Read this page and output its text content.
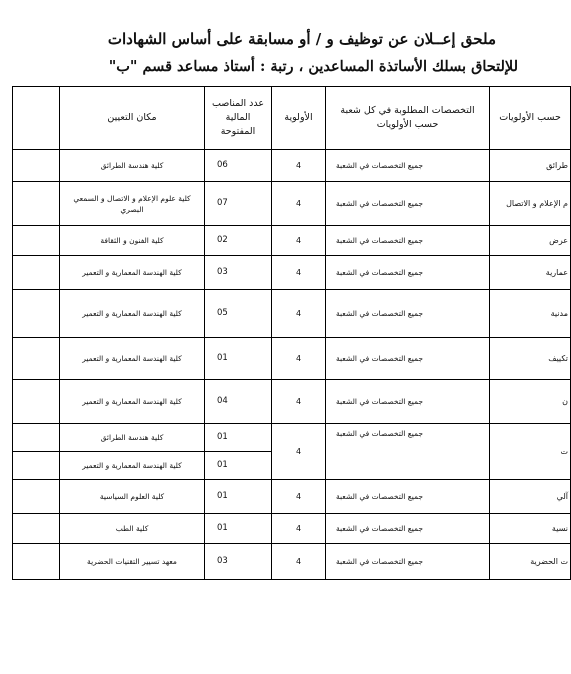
ملحق إعــلان عن توظيف و / أو مسابقة على أساس الشهادات
للإلتحاق بسلك الأساتذة المساعدين ، رتبة : أستاذ مساعد قسم "ب"
حسب الأولويات	التخصصات المطلوبة في كل شعبة حسب الأولويات	الأولوية	عدد المناصب المالية المفتوحة	مكان التعيين	
طرائق	جميع التخصصات في الشعبة	4	06	كلية هندسة الطرائق	
م الإعلام و الاتصال	جميع التخصصات في الشعبة	4	07	كلية علوم الإعلام و الاتصال و السمعي البصري	
عرض	جميع التخصصات في الشعبة	4	02	كلية الفنون و الثقافة	
عمارية	جميع التخصصات في الشعبة	4	03	كلية الهندسة المعمارية و التعمير	
مدنية	جميع التخصصات في الشعبة	4	05	كلية الهندسة المعمارية و التعمير	
تكييف	جميع التخصصات في الشعبة	4	01	كلية الهندسة المعمارية و التعمير	
ن	جميع التخصصات في الشعبة	4	04	كلية الهندسة المعمارية و التعمير	
ت	جميع التخصصات في الشعبة	4	01	كلية هندسة الطرائق	
			01	كلية الهندسة المعمارية و التعمير	
آلي	جميع التخصصات في الشعبة	4	01	كلية العلوم السياسية	
نسية	جميع التخصصات في الشعبة	4	01	كلية الطب	
ت الحضرية	جميع التخصصات في الشعبة	4	03	معهد تسيير التقنيات الحضرية	
